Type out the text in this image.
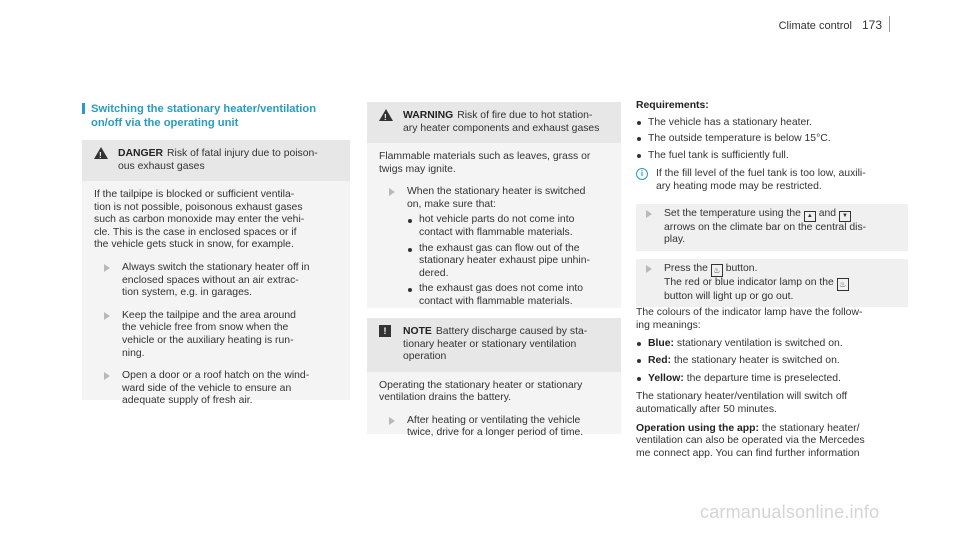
Climate control 173
Switching the stationary heater/ventilation
on/off via the operating unit
! DANGER Risk of fatal injury due to poison-
ous exhaust gases
If the tailpipe is blocked or sufficient ventila-
tion is not possible, poisonous exhaust gases
such as carbon monoxide may enter the vehi-
cle. This is the case in enclosed spaces or if
the vehicle gets stuck in snow, for example.
Always switch the stationary heater off in
enclosed spaces without an air extrac-
tion system, e.g. in garages.
Keep the tailpipe and the area around
the vehicle free from snow when the
vehicle or the auxiliary heating is run-
ning.
Open a door or a roof hatch on the wind-
ward side of the vehicle to ensure an
adequate supply of fresh air.
! WARNING Risk of fire due to hot station-
ary heater components and exhaust gases
Flammable materials such as leaves, grass or
twigs may ignite.
When the stationary heater is switched
on, make sure that:
hot vehicle parts do not come into
contact with flammable materials.
the exhaust gas can flow out of the
stationary heater exhaust pipe unhin-
dered.
the exhaust gas does not come into
contact with flammable materials.
!	NOTE Battery discharge caused by sta-
tionary heater or stationary ventilation
operation
Operating the stationary heater or stationary
ventilation drains the battery.
After heating or ventilating the vehicle
twice, drive for a longer period of time.

Requirements:

The vehicle has a stationary heater.
The outside temperature is below 15°C.
The fuel tank is sufficiently full.
i	If the fill level of the fuel tank is too low, auxili-
ary heating mode may be restricted.
Set the temperature using the ▲ and ▼
arrows on the climate bar on the central dis-
play.
Press the ♨ button.
The red or blue indicator lamp on the ♨
button will light up or go out.
The colours of the indicator lamp have the follow-
ing meanings:
Blue: stationary ventilation is switched on.
Red: the stationary heater is switched on.
Yellow: the departure time is preselected.
The stationary heater/ventilation will switch off
automatically after 50 minutes.
Operation using the app: the stationary heater/
ventilation can also be operated via the Mercedes
me connect app. You can find further information
carmanualsonline.info
